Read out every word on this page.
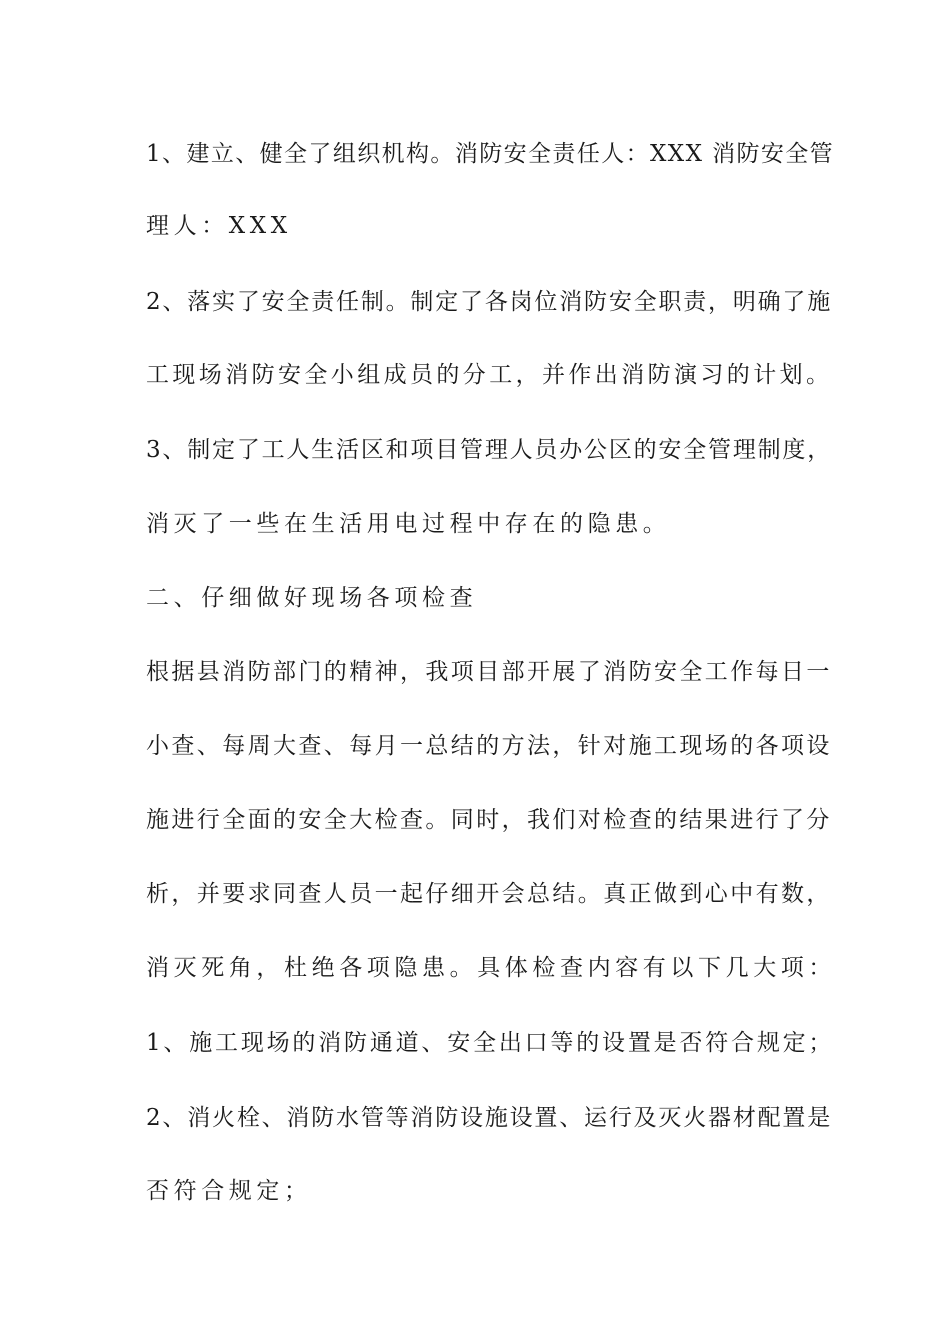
1、建立、健全了组织机构。消防安全责任人：XXX 消防安全管
理人：XXX
2、落实了安全责任制。制定了各岗位消防安全职责，明确了施
工现场消防安全小组成员的分工，并作出消防演习的计划。
3、制定了工人生活区和项目管理人员办公区的安全管理制度，
消灭了一些在生活用电过程中存在的隐患。
二、仔细做好现场各项检查
根据县消防部门的精神，我项目部开展了消防安全工作每日一
小查、每周大查、每月一总结的方法，针对施工现场的各项设
施进行全面的安全大检查。同时，我们对检查的结果进行了分
析，并要求同查人员一起仔细开会总结。真正做到心中有数，
消灭死角，杜绝各项隐患。具体检查内容有以下几大项：
1、施工现场的消防通道、安全出口等的设置是否符合规定；
2、消火栓、消防水管等消防设施设置、运行及灭火器材配置是
否符合规定；
